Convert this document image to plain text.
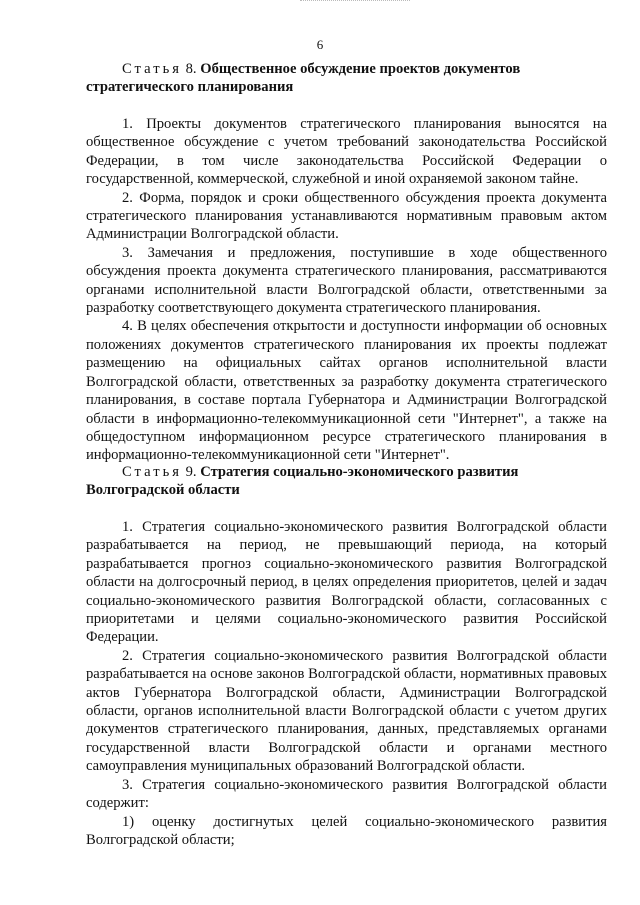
6

Статья 8. Общественное обсуждение проектов документов

стратегического планирования

1. Проекты документов стратегического планирования выносятся на общественное обсуждение с учетом требований законодательства Российской Федерации, в том числе законодательства Российской Федерации о государственной, коммерческой, служебной и иной охраняемой законом тайне.

2. Форма, порядок и сроки общественного обсуждения проекта документа стратегического планирования устанавливаются нормативным правовым актом Администрации Волгоградской области.

3. Замечания и предложения, поступившие в ходе общественного обсуждения проекта документа стратегического планирования, рассматриваются органами исполнительной власти Волгоградской области, ответственными за разработку соответствующего документа стратегического планирования.

4. В целях обеспечения открытости и доступности информации об основных положениях документов стратегического планирования их проекты подлежат размещению на официальных сайтах органов исполнительной власти Волгоградской области, ответственных за разработку документа стратегического планирования, в составе портала Губернатора и Администрации Волгоградской области в информационно-телекоммуникационной сети "Интернет", а также на общедоступном информационном ресурсе стратегического планирования в информационно-телекоммуникационной сети "Интернет".

Статья 9. Стратегия социально-экономического развития

Волгоградской области

1. Стратегия социально-экономического развития Волгоградской области разрабатывается на период, не превышающий периода, на который разрабатывается прогноз социально-экономического развития Волгоградской области на долгосрочный период, в целях определения приоритетов, целей и задач социально-экономического развития Волгоградской области, согласованных с приоритетами и целями социально-экономического развития Российской Федерации.

2. Стратегия социально-экономического развития Волгоградской области разрабатывается на основе законов Волгоградской области, нормативных правовых актов Губернатора Волгоградской области, Администрации Волгоградской области, органов исполнительной власти Волгоградской области с учетом других документов стратегического планирования, данных, представляемых органами государственной власти Волгоградской области и органами местного самоуправления муниципальных образований Волгоградской области.

3. Стратегия социально-экономического развития Волгоградской области содержит:

1) оценку достигнутых целей социально-экономического развития Волгоградской области;
